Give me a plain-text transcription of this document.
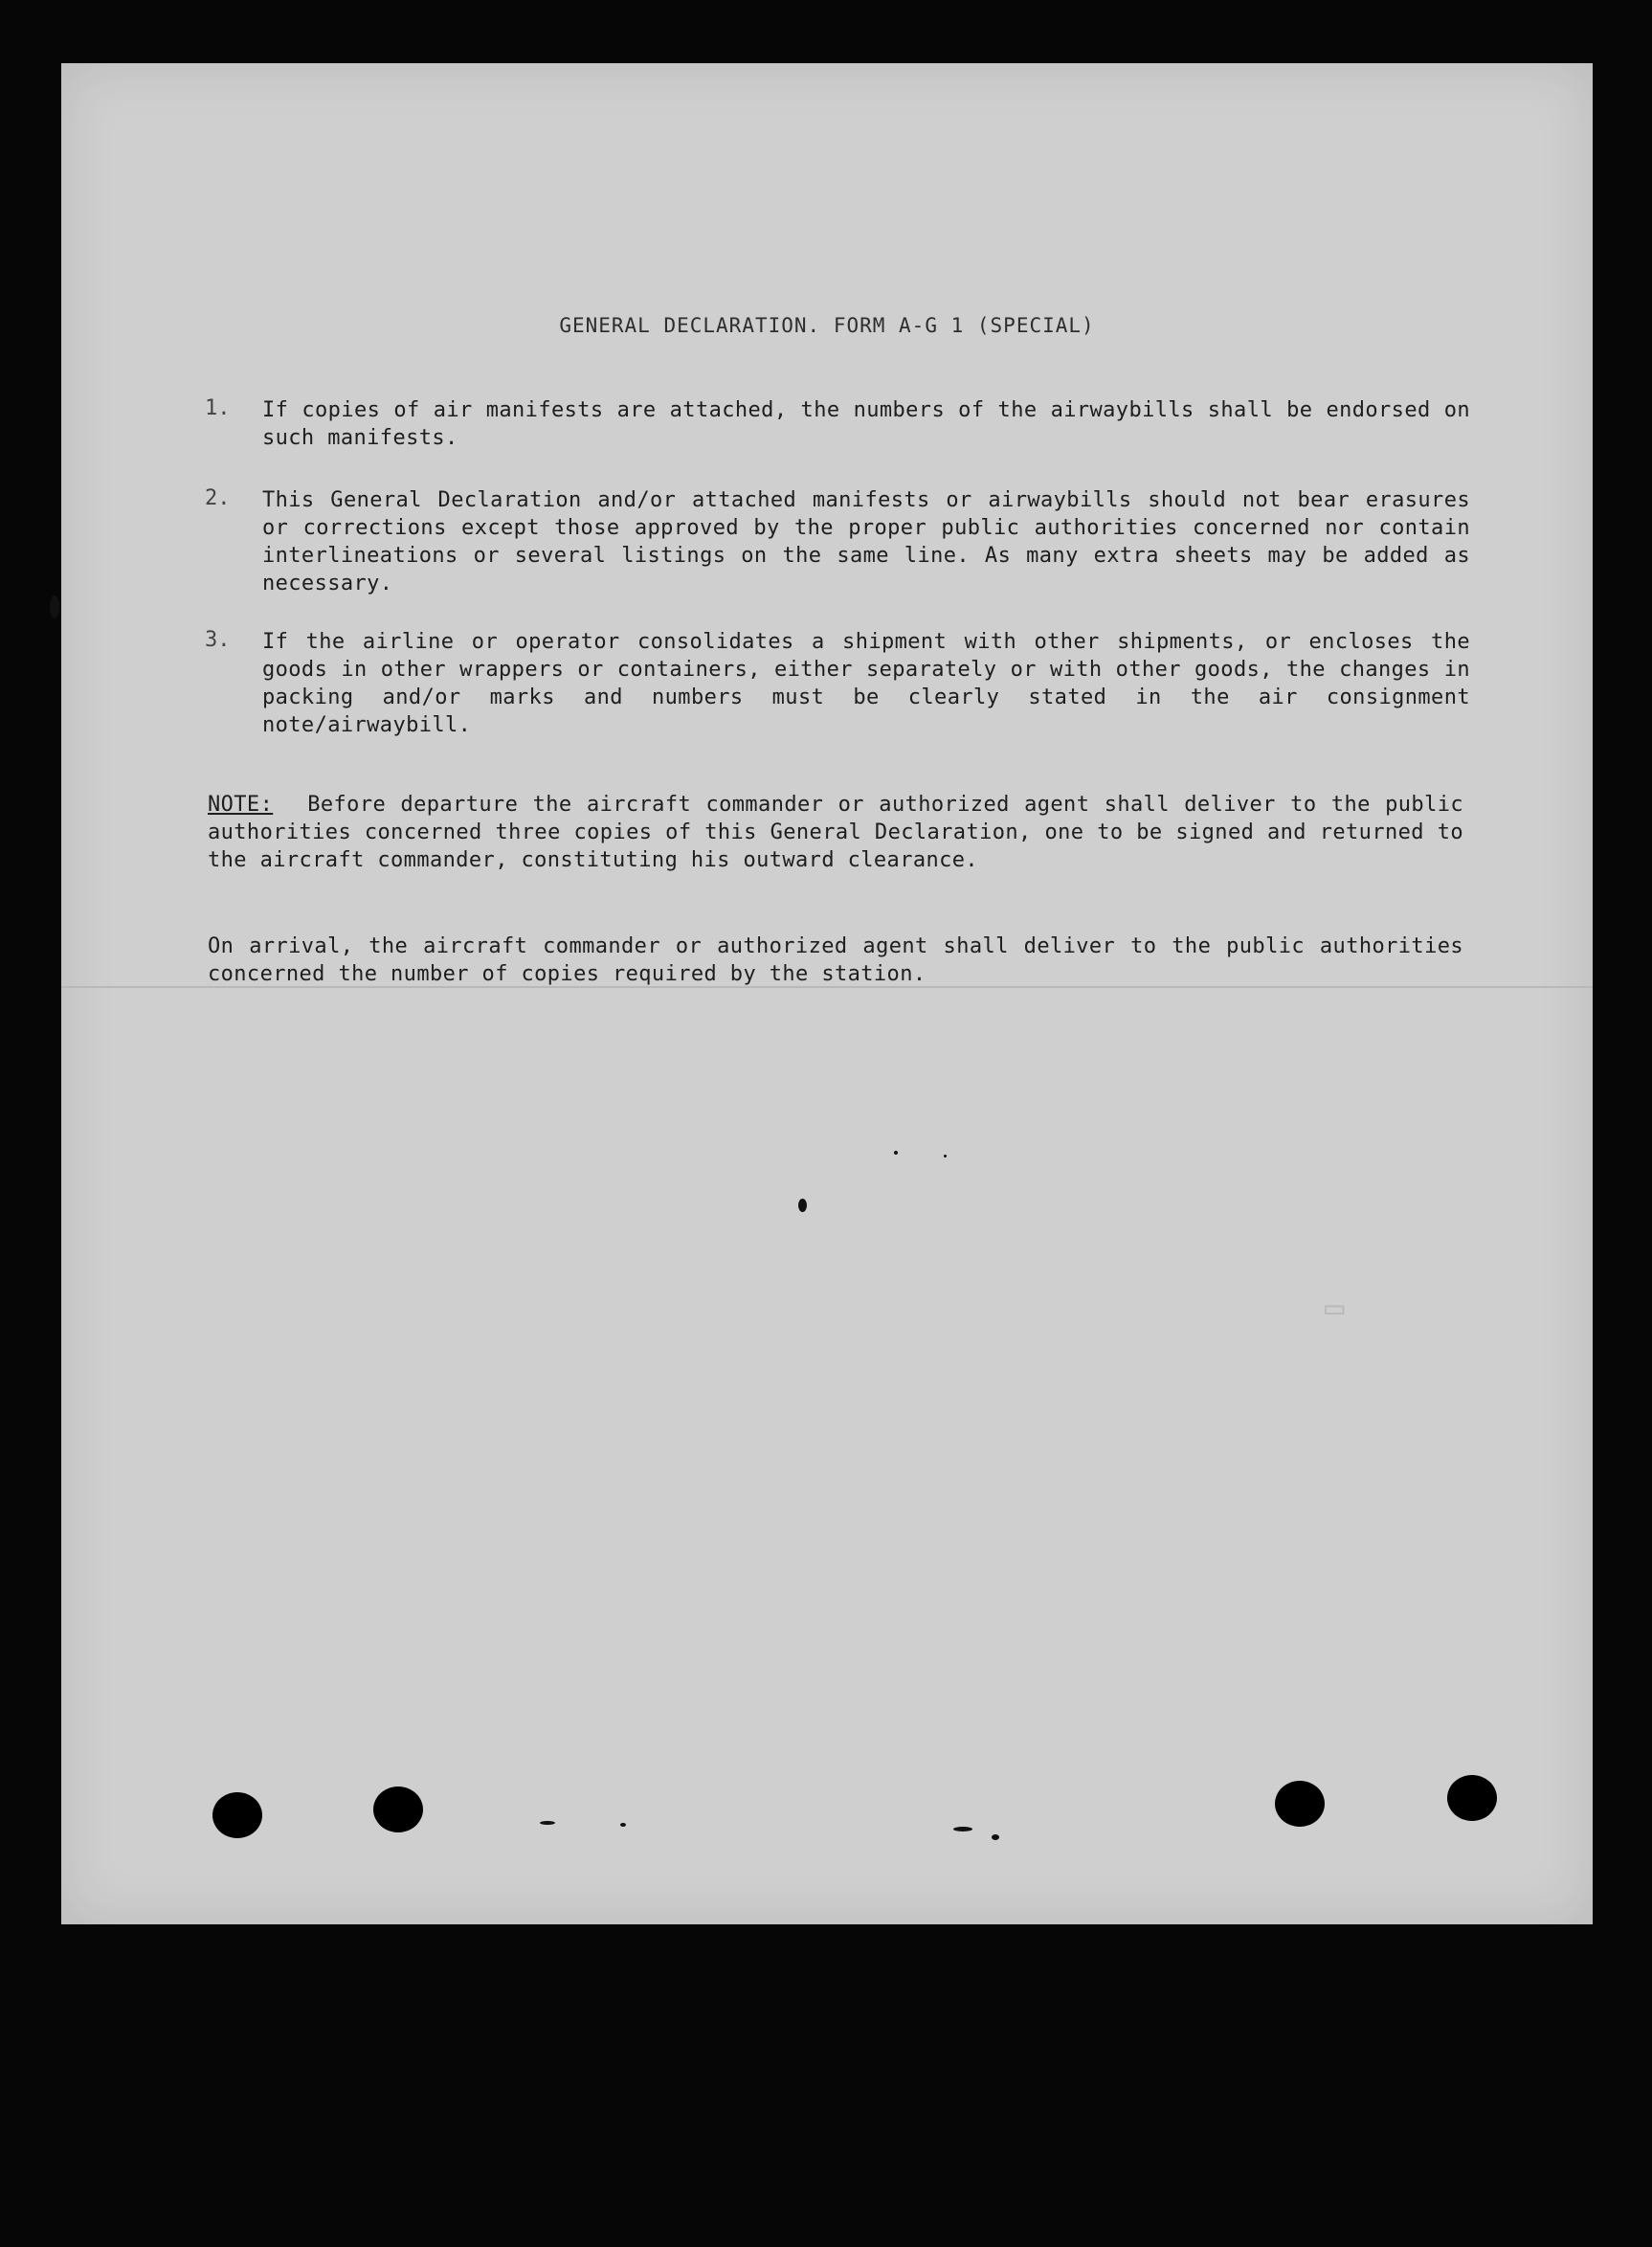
GENERAL DECLARATION. FORM A-G 1 (SPECIAL)
1. If copies of air manifests are attached, the numbers of the airwaybills shall be endorsed on such manifests.
2. This General Declaration and/or attached manifests or airwaybills should not bear erasures or corrections except those approved by the proper public authorities concerned nor contain interlineations or several listings on the same line. As many extra sheets may be added as necessary.
3. If the airline or operator consolidates a shipment with other shipments, or encloses the goods in other wrappers or containers, either separately or with other goods, the changes in packing and/or marks and numbers must be clearly stated in the air consignment note/airwaybill.
NOTE: Before departure the aircraft commander or authorized agent shall deliver to the public authorities concerned three copies of this General Declaration, one to be signed and returned to the aircraft commander, constituting his outward clearance.
On arrival, the aircraft commander or authorized agent shall deliver to the public authorities concerned the number of copies required by the station.
▭
